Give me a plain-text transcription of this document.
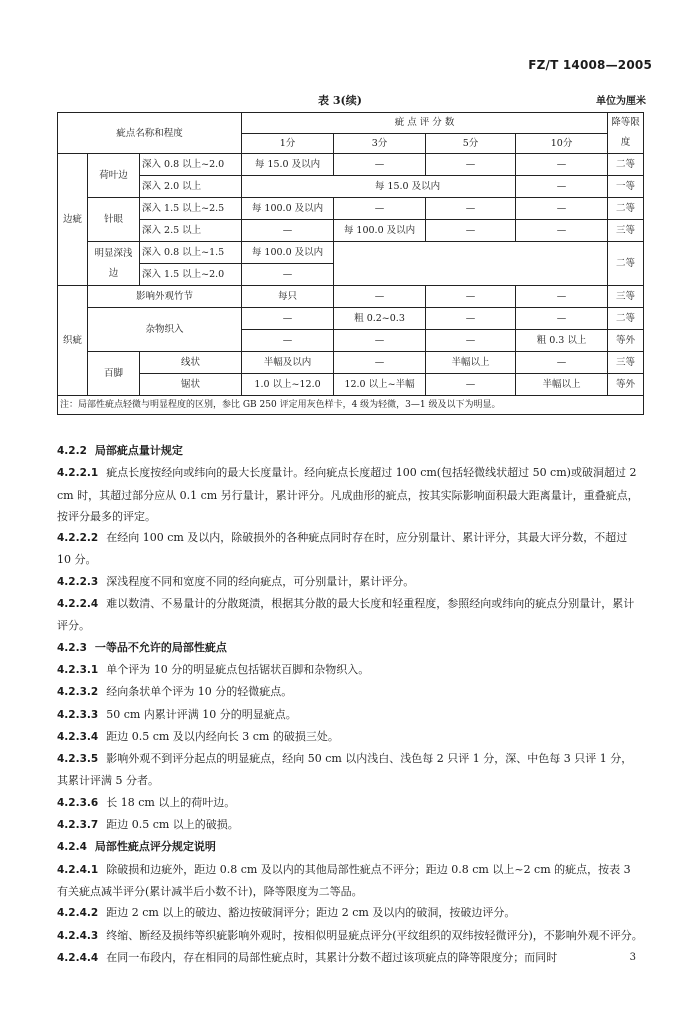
FZ/T 14008—2005
表 3(续)	单位为厘米
疵点名称和程度			疵 点 评 分 数				降等限度
			1分	3分	5分	10分	
边疵	荷叶边	深入 0.8 以上~2.0	每 15.0 及以内	—	—	—	二等
		深入 2.0 以上	每 15.0 及以内			—	一等
	针眼	深入 1.5 以上~2.5	每 100.0 及以内	—	—	—	二等
		深入 2.5 以上	—	每 100.0 及以内	—	—	三等
	明显深浅边	深入 0.8 以上~1.5	每 100.0 及以内				二等
		深入 1.5 以上~2.0	—				
织疵	影响外观竹节		每只	—	—	—	三等
	杂物织入		—	粗 0.2~0.3	—	—	二等
			—	—	—	粗 0.3 以上	等外
	百脚	线状	半幅及以内	—	半幅以上	—	三等
		锯状	1.0 以上~12.0	12.0 以上~半幅	—	半幅以上	等外
注：局部性疵点轻微与明显程度的区别，参比 GB 250 评定用灰色样卡，4 级为轻微，3—1 级及以下为明显。							

4.2.2 局部疵点量计规定

4.2.2.1 疵点长度按经向或纬向的最大长度量计。经向疵点长度超过 100 cm(包括轻微线状超过 50 cm)或破洞超过 2 cm 时，其超过部分应从 0.1 cm 另行量计，累计评分。凡成曲形的疵点，按其实际影响面积最大距离量计，重叠疵点，按评分最多的评定。

4.2.2.2 在经向 100 cm 及以内，除破损外的各种疵点同时存在时，应分别量计、累计评分，其最大评分数，不超过 10 分。

4.2.2.3 深浅程度不同和宽度不同的经向疵点，可分别量计，累计评分。

4.2.2.4 难以数清、不易量计的分散斑渍，根据其分散的最大长度和轻重程度，参照经向或纬向的疵点分别量计，累计评分。

4.2.3 一等品不允许的局部性疵点

4.2.3.1 单个评为 10 分的明显疵点包括锯状百脚和杂物织入。

4.2.3.2 经向条状单个评为 10 分的轻微疵点。

4.2.3.3 50 cm 内累计评满 10 分的明显疵点。

4.2.3.4 距边 0.5 cm 及以内经向长 3 cm 的破损三处。

4.2.3.5 影响外观不到评分起点的明显疵点，经向 50 cm 以内浅白、浅色每 2 只评 1 分，深、中色每 3 只评 1 分，其累计评满 5 分者。

4.2.3.6 长 18 cm 以上的荷叶边。

4.2.3.7 距边 0.5 cm 以上的破损。

4.2.4 局部性疵点评分规定说明

4.2.4.1 除破损和边疵外，距边 0.8 cm 及以内的其他局部性疵点不评分；距边 0.8 cm 以上~2 cm 的疵点，按表 3 有关疵点减半评分(累计减半后小数不计)，降等限度为二等品。

4.2.4.2 距边 2 cm 以上的破边、豁边按破洞评分；距边 2 cm 及以内的破洞，按破边评分。

4.2.4.3 终缩、断经及损纬等织疵影响外观时，按相似明显疵点评分(平纹组织的双纬按轻微评分)，不影响外观不评分。

4.2.4.4 在同一布段内，存在相同的局部性疵点时，其累计分数不超过该项疵点的降等限度分；而同时	3
